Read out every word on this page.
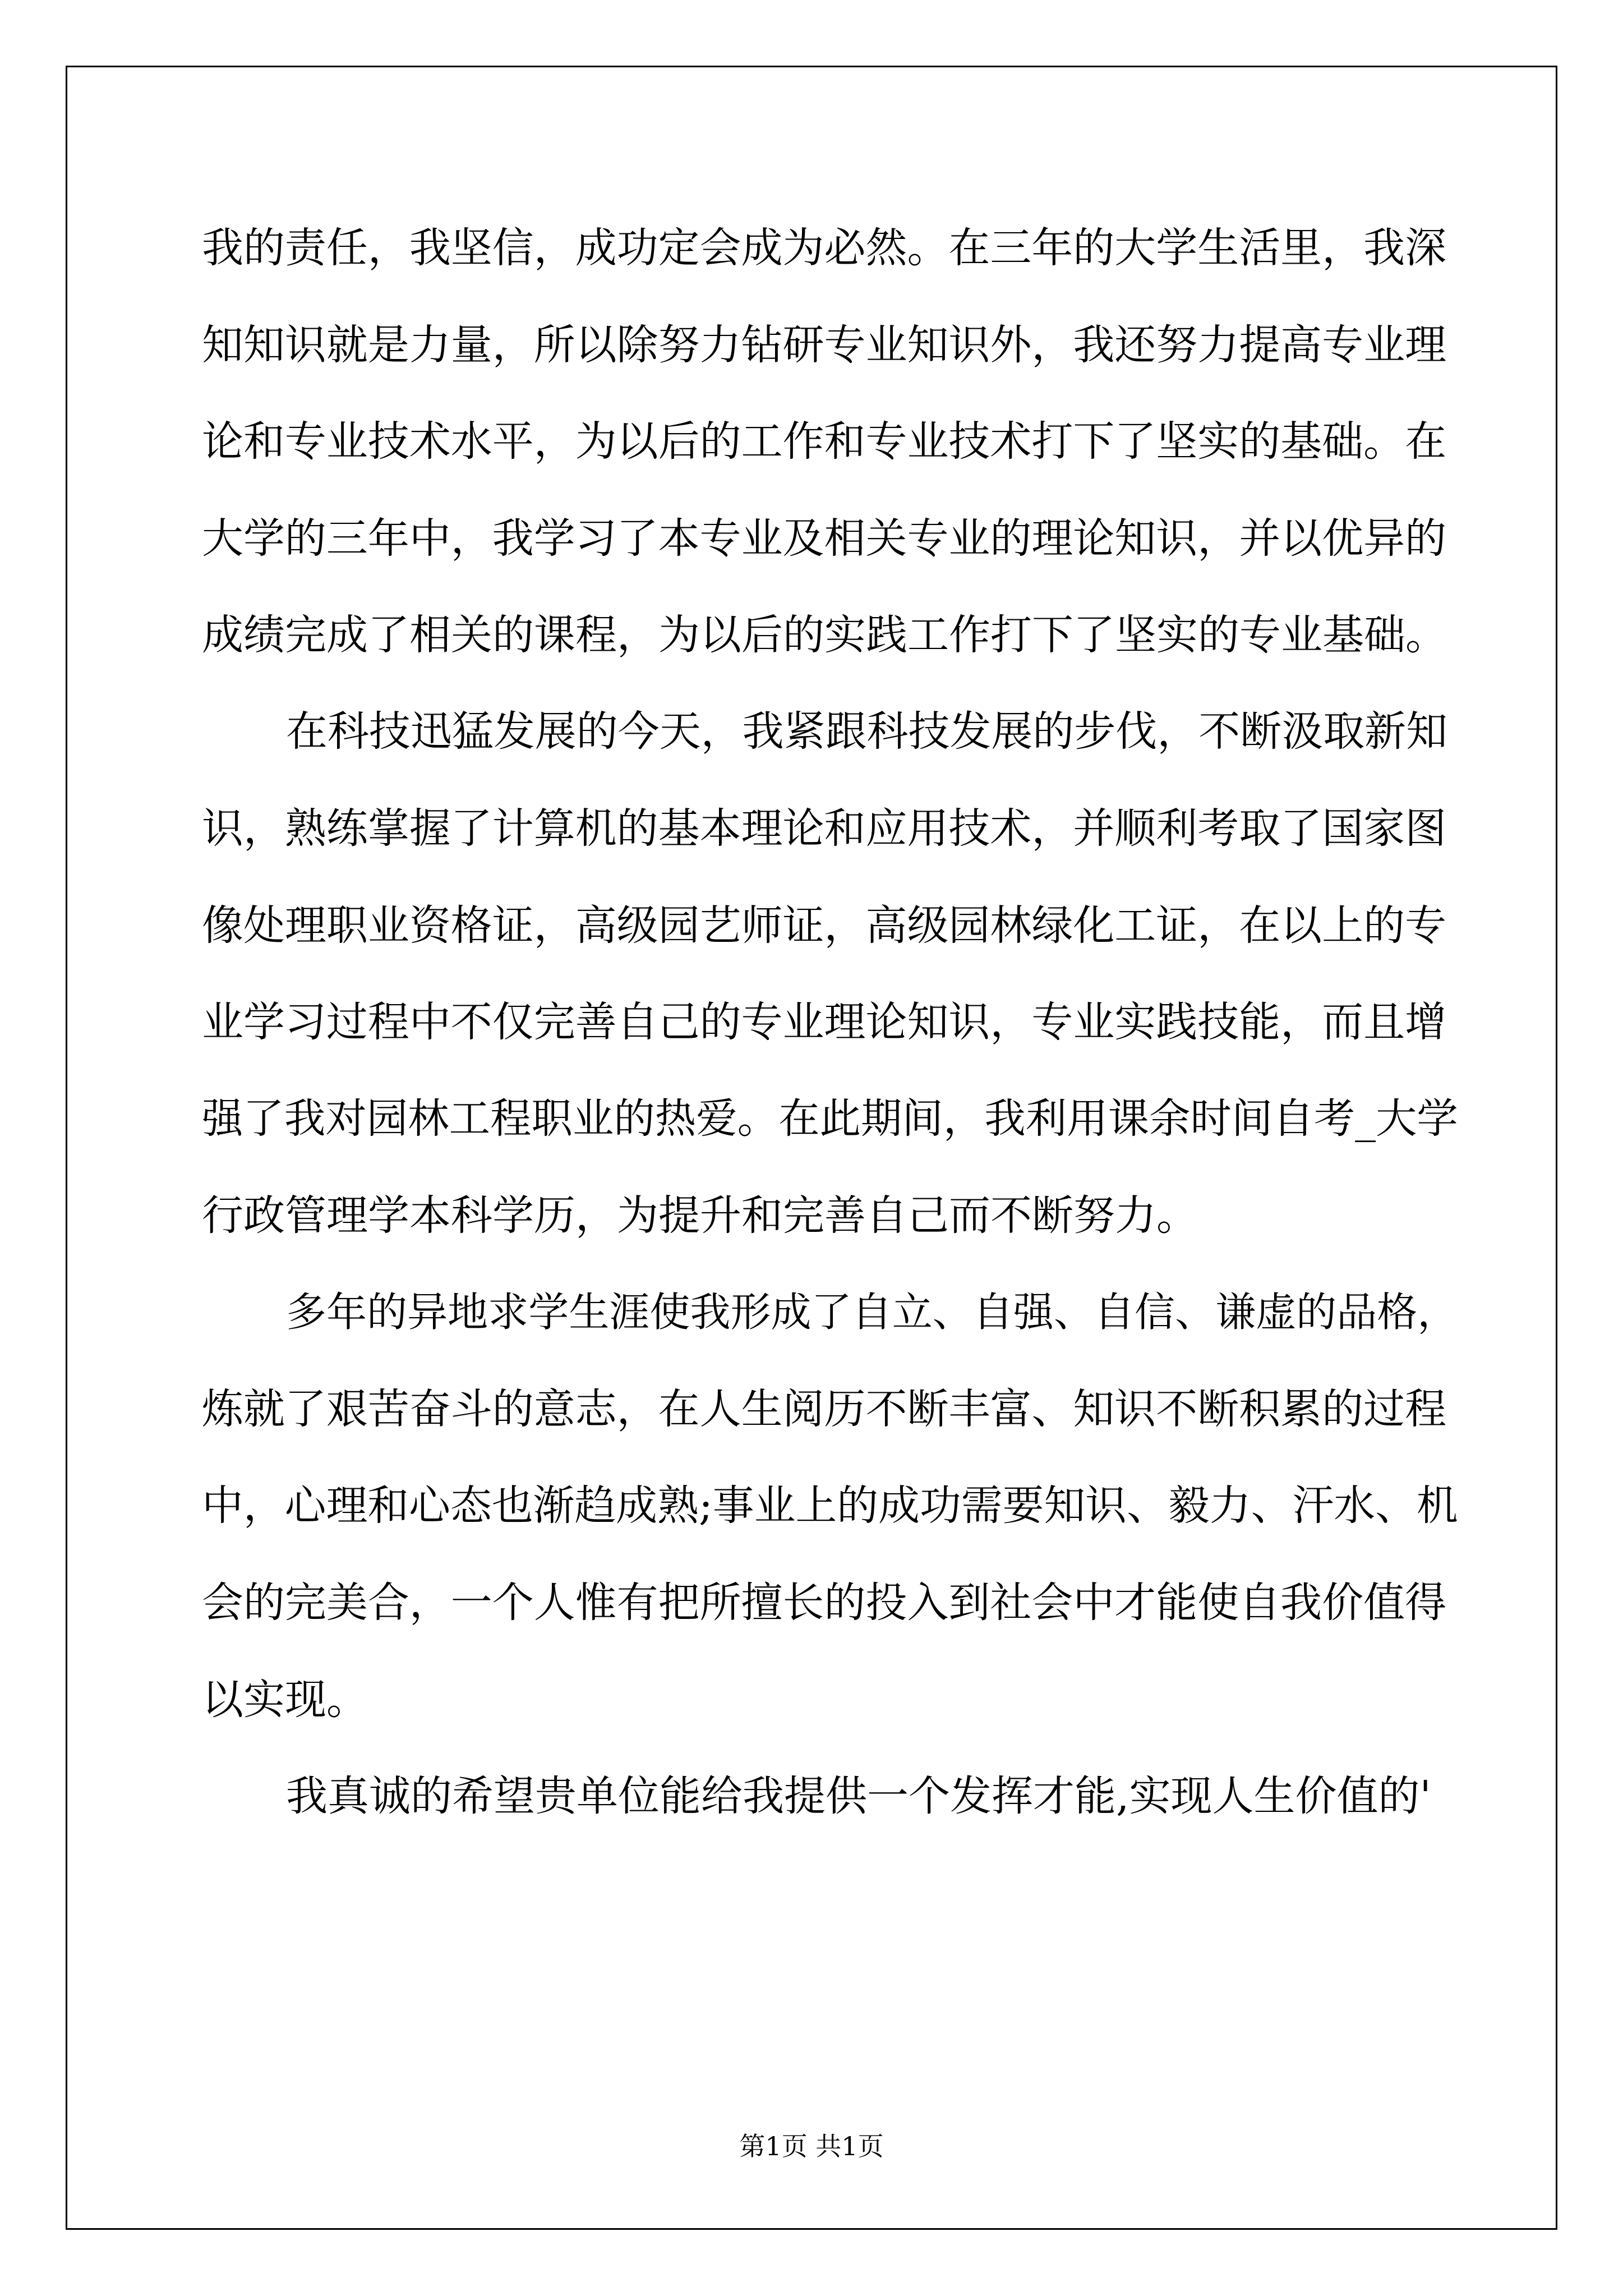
我的责任，我坚信，成功定会成为必然。在三年的大学生活里，我深
知知识就是力量，所以除努力钻研专业知识外，我还努力提高专业理
论和专业技术水平，为以后的工作和专业技术打下了坚实的基础。在
大学的三年中，我学习了本专业及相关专业的理论知识，并以优异的
成绩完成了相关的课程，为以后的实践工作打下了坚实的专业基础。
在科技迅猛发展的今天，我紧跟科技发展的步伐，不断汲取新知
识，熟练掌握了计算机的基本理论和应用技术，并顺利考取了国家图
像处理职业资格证，高级园艺师证，高级园林绿化工证，在以上的专
业学习过程中不仅完善自己的专业理论知识，专业实践技能，而且增
强了我对园林工程职业的热爱。在此期间，我利用课余时间自考_大学
行政管理学本科学历，为提升和完善自己而不断努力。
多年的异地求学生涯使我形成了自立、自强、自信、谦虚的品格，
炼就了艰苦奋斗的意志，在人生阅历不断丰富、知识不断积累的过程
中，心理和心态也渐趋成熟;事业上的成功需要知识、毅力、汗水、机
会的完美合，一个人惟有把所擅长的投入到社会中才能使自我价值得
以实现。
我真诚的希望贵单位能给我提供一个发挥才能,实现人生价值的'
第1页 共1页
